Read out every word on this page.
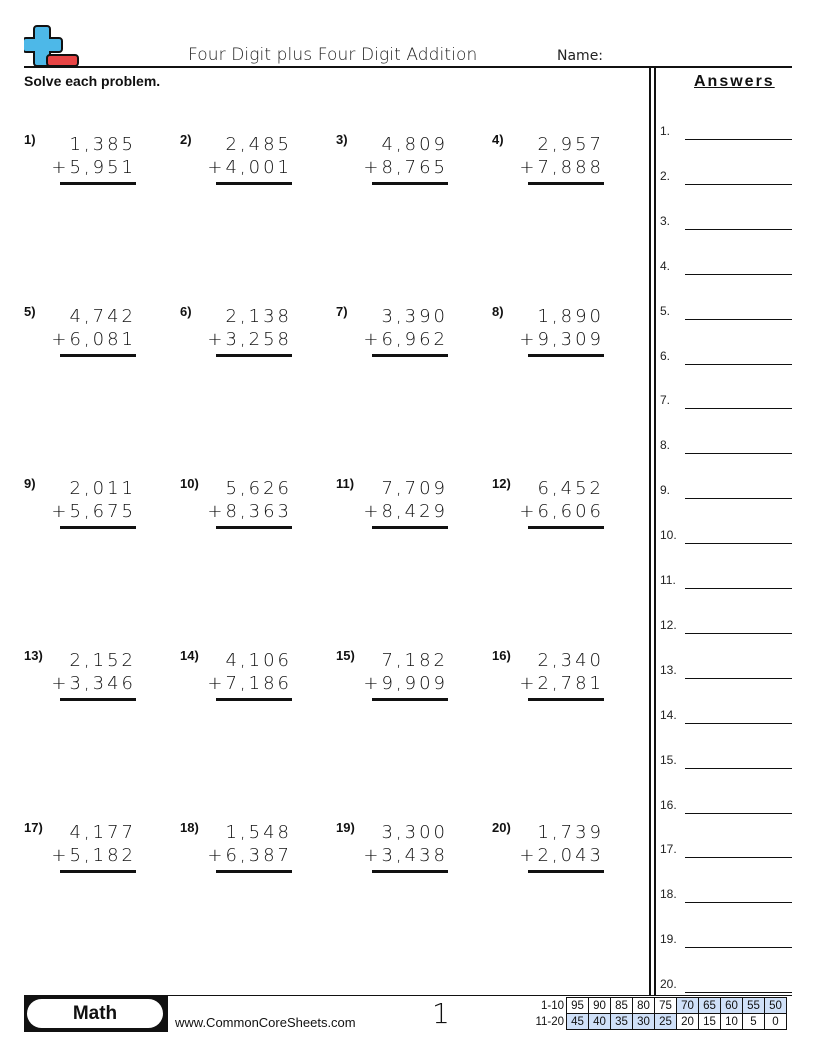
Four Digit plus Four Digit Addition	Name:
Solve each problem.
1) 1,385
+5,951
2) 2,485
+4,001
3) 4,809
+8,765
4) 2,957
+7,888
5) 4,742
+6,081
6) 2,138
+3,258
7) 3,390
+6,962
8) 1,890
+9,309
9) 2,011
+5,675
10) 5,626
+8,363
11) 7,709
+8,429
12) 6,452
+6,606
13) 2,152
+3,346
14) 4,106
+7,186
15) 7,182
+9,909
16) 2,340
+2,781
17) 4,177
+5,182
18) 1,548
+6,387
19) 3,300
+3,438
20) 1,739
+2,043
Answers
1.
2.
3.
4.
5.
6.
7.
8.
9.
10.
11.
12.
13.
14.
15.
16.
17.
18.
19.
20.
Math	www.CommonCoreSheets.com	1	1-10	95	90	85	80	75	70	65	60	55	50
11-20	45	40	35	30	25	20	15	10	5	0
